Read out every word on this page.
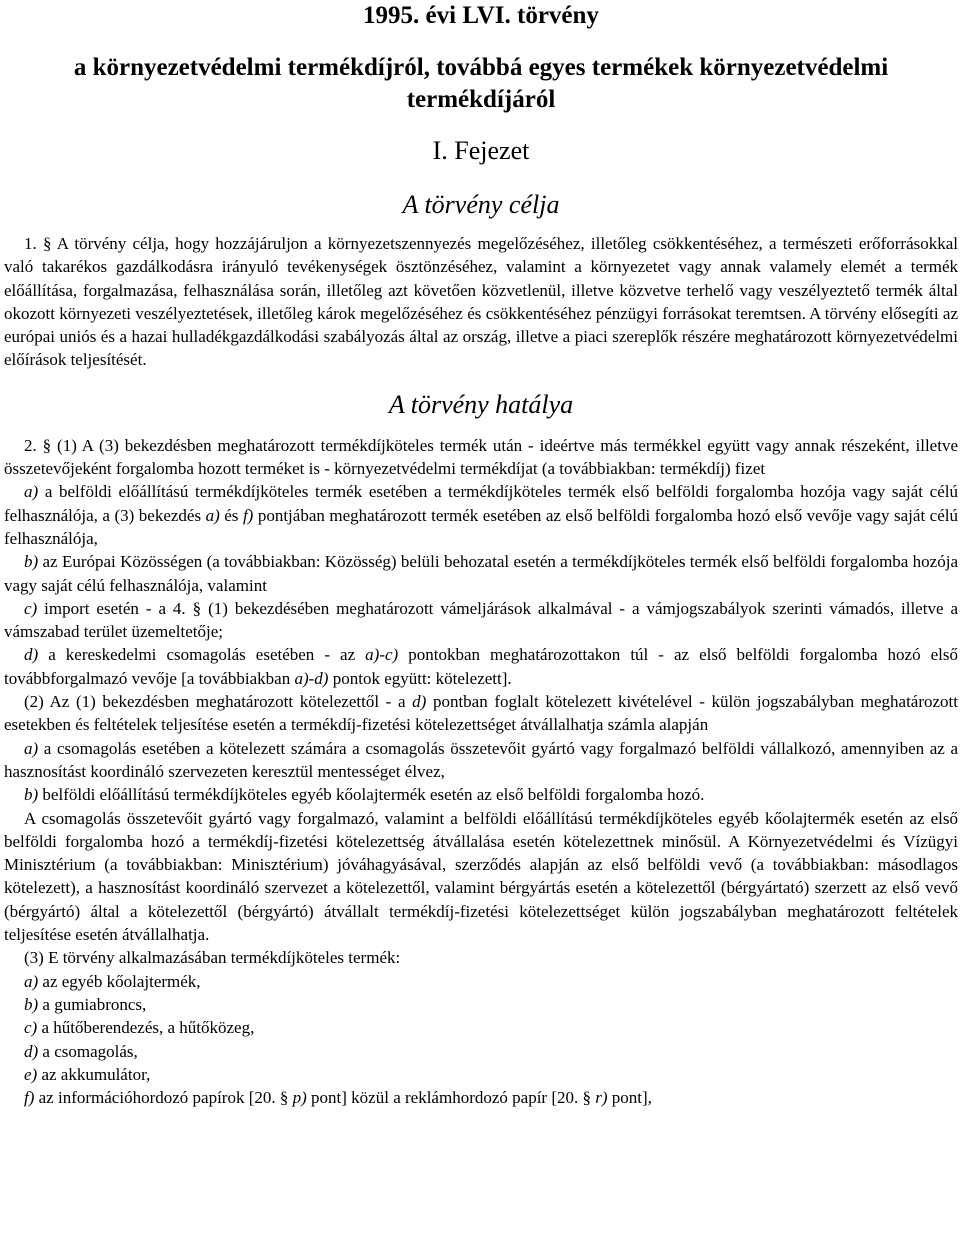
1995. évi LVI. törvény
a környezetvédelmi termékdíjról, továbbá egyes termékek környezetvédelmi termékdíjáról
I. Fejezet
A törvény célja

1. § A törvény célja, hogy hozzájáruljon a környezetszennyezés megelőzéséhez, illetőleg csökkentéséhez, a természeti erőforrásokkal való takarékos gazdálkodásra irányuló tevékenységek ösztönzéséhez, valamint a környezetet vagy annak valamely elemét a termék előállítása, forgalmazása, felhasználása során, illetőleg azt követően közvetlenül, illetve közvetve terhelő vagy veszélyeztető termék által okozott környezeti veszélyeztetések, illetőleg károk megelőzéséhez és csökkentéséhez pénzügyi forrásokat teremtsen. A törvény elősegíti az európai uniós és a hazai hulladékgazdálkodási szabályozás által az ország, illetve a piaci szereplők részére meghatározott környezetvédelmi előírások teljesítését.

A törvény hatálya

2. § (1) A (3) bekezdésben meghatározott termékdíjköteles termék után - ideértve más termékkel együtt vagy annak részeként, illetve összetevőjeként forgalomba hozott terméket is - környezetvédelmi termékdíjat (a továbbiakban: termékdíj) fizet

a) a belföldi előállítású termékdíjköteles termék esetében a termékdíjköteles termék első belföldi forgalomba hozója vagy saját célú felhasználója, a (3) bekezdés a) és f) pontjában meghatározott termék esetében az első belföldi forgalomba hozó első vevője vagy saját célú felhasználója,

b) az Európai Közösségen (a továbbiakban: Közösség) belüli behozatal esetén a termékdíjköteles termék első belföldi forgalomba hozója vagy saját célú felhasználója, valamint

c) import esetén - a 4. § (1) bekezdésében meghatározott vámeljárások alkalmával - a vámjogszabályok szerinti vámadós, illetve a vámszabad terület üzemeltetője;

d) a kereskedelmi csomagolás esetében - az a)-c) pontokban meghatározottakon túl - az első belföldi forgalomba hozó első továbbforgalmazó vevője [a továbbiakban a)-d) pontok együtt: kötelezett].

(2) Az (1) bekezdésben meghatározott kötelezettől - a d) pontban foglalt kötelezett kivételével - külön jogszabályban meghatározott esetekben és feltételek teljesítése esetén a termékdíj-fizetési kötelezettséget átvállalhatja számla alapján

a) a csomagolás esetében a kötelezett számára a csomagolás összetevőit gyártó vagy forgalmazó belföldi vállalkozó, amennyiben az a hasznosítást koordináló szervezeten keresztül mentességet élvez,

b) belföldi előállítású termékdíjköteles egyéb kőolajtermék esetén az első belföldi forgalomba hozó.

A csomagolás összetevőit gyártó vagy forgalmazó, valamint a belföldi előállítású termékdíjköteles egyéb kőolajtermék esetén az első belföldi forgalomba hozó a termékdíj-fizetési kötelezettség átvállalása esetén kötelezettnek minősül. A Környezetvédelmi és Vízügyi Minisztérium (a továbbiakban: Minisztérium) jóváhagyásával, szerződés alapján az első belföldi vevő (a továbbiakban: másodlagos kötelezett), a hasznosítást koordináló szervezet a kötelezettől, valamint bérgyártás esetén a kötelezettől (bérgyártató) szerzett az első vevő (bérgyártó) által a kötelezettől (bérgyártó) átvállalt termékdíj-fizetési kötelezettséget külön jogszabályban meghatározott feltételek teljesítése esetén átvállalhatja.

(3) E törvény alkalmazásában termékdíjköteles termék:

a) az egyéb kőolajtermék,

b) a gumiabroncs,

c) a hűtőberendezés, a hűtőközeg,

d) a csomagolás,

e) az akkumulátor,

f) az információhordozó papírok [20. § p) pont] közül a reklámhordozó papír [20. § r) pont],
